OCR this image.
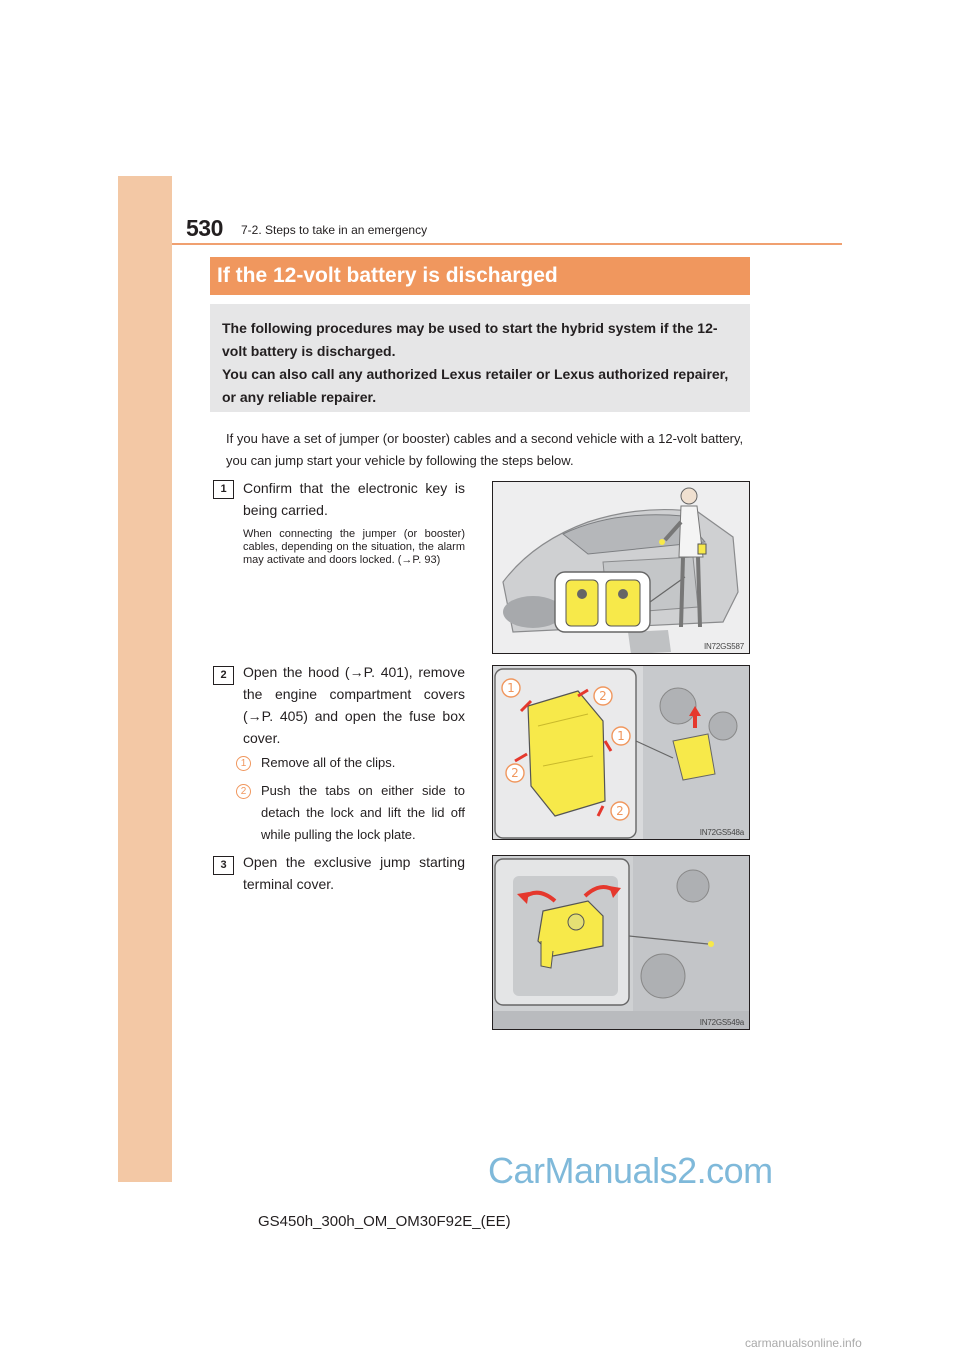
530 7-2. Steps to take in an emergency
If the 12-volt battery is discharged

The following procedures may be used to start the hybrid system if the 12-volt battery is discharged.

You can also call any authorized Lexus retailer or Lexus authorized repairer, or any reliable repairer.

If you have a set of jumper (or booster) cables and a second vehicle with a 12-volt battery, you can jump start your vehicle by following the steps below.
1	Confirm that the electronic key is being carried.
When connecting the jumper (or booster) cables, depending on the situation, the alarm may activate and doors locked. (→P. 93)
IN72GS587
2	Open the hood (→P. 401), remove the engine compartment covers (→P. 405) and open the fuse box cover.
1	Remove all of the clips.
2	Push the tabs on either side to detach the lock and lift the lid off while pulling the lock plate.
1
2
1
2
2
IN72GS548a
3	Open the exclusive jump starting terminal cover.
IN72GS549a
GS450h_300h_OM_OM30F92E_(EE)
CarManuals2.com
carmanualsonline.info
